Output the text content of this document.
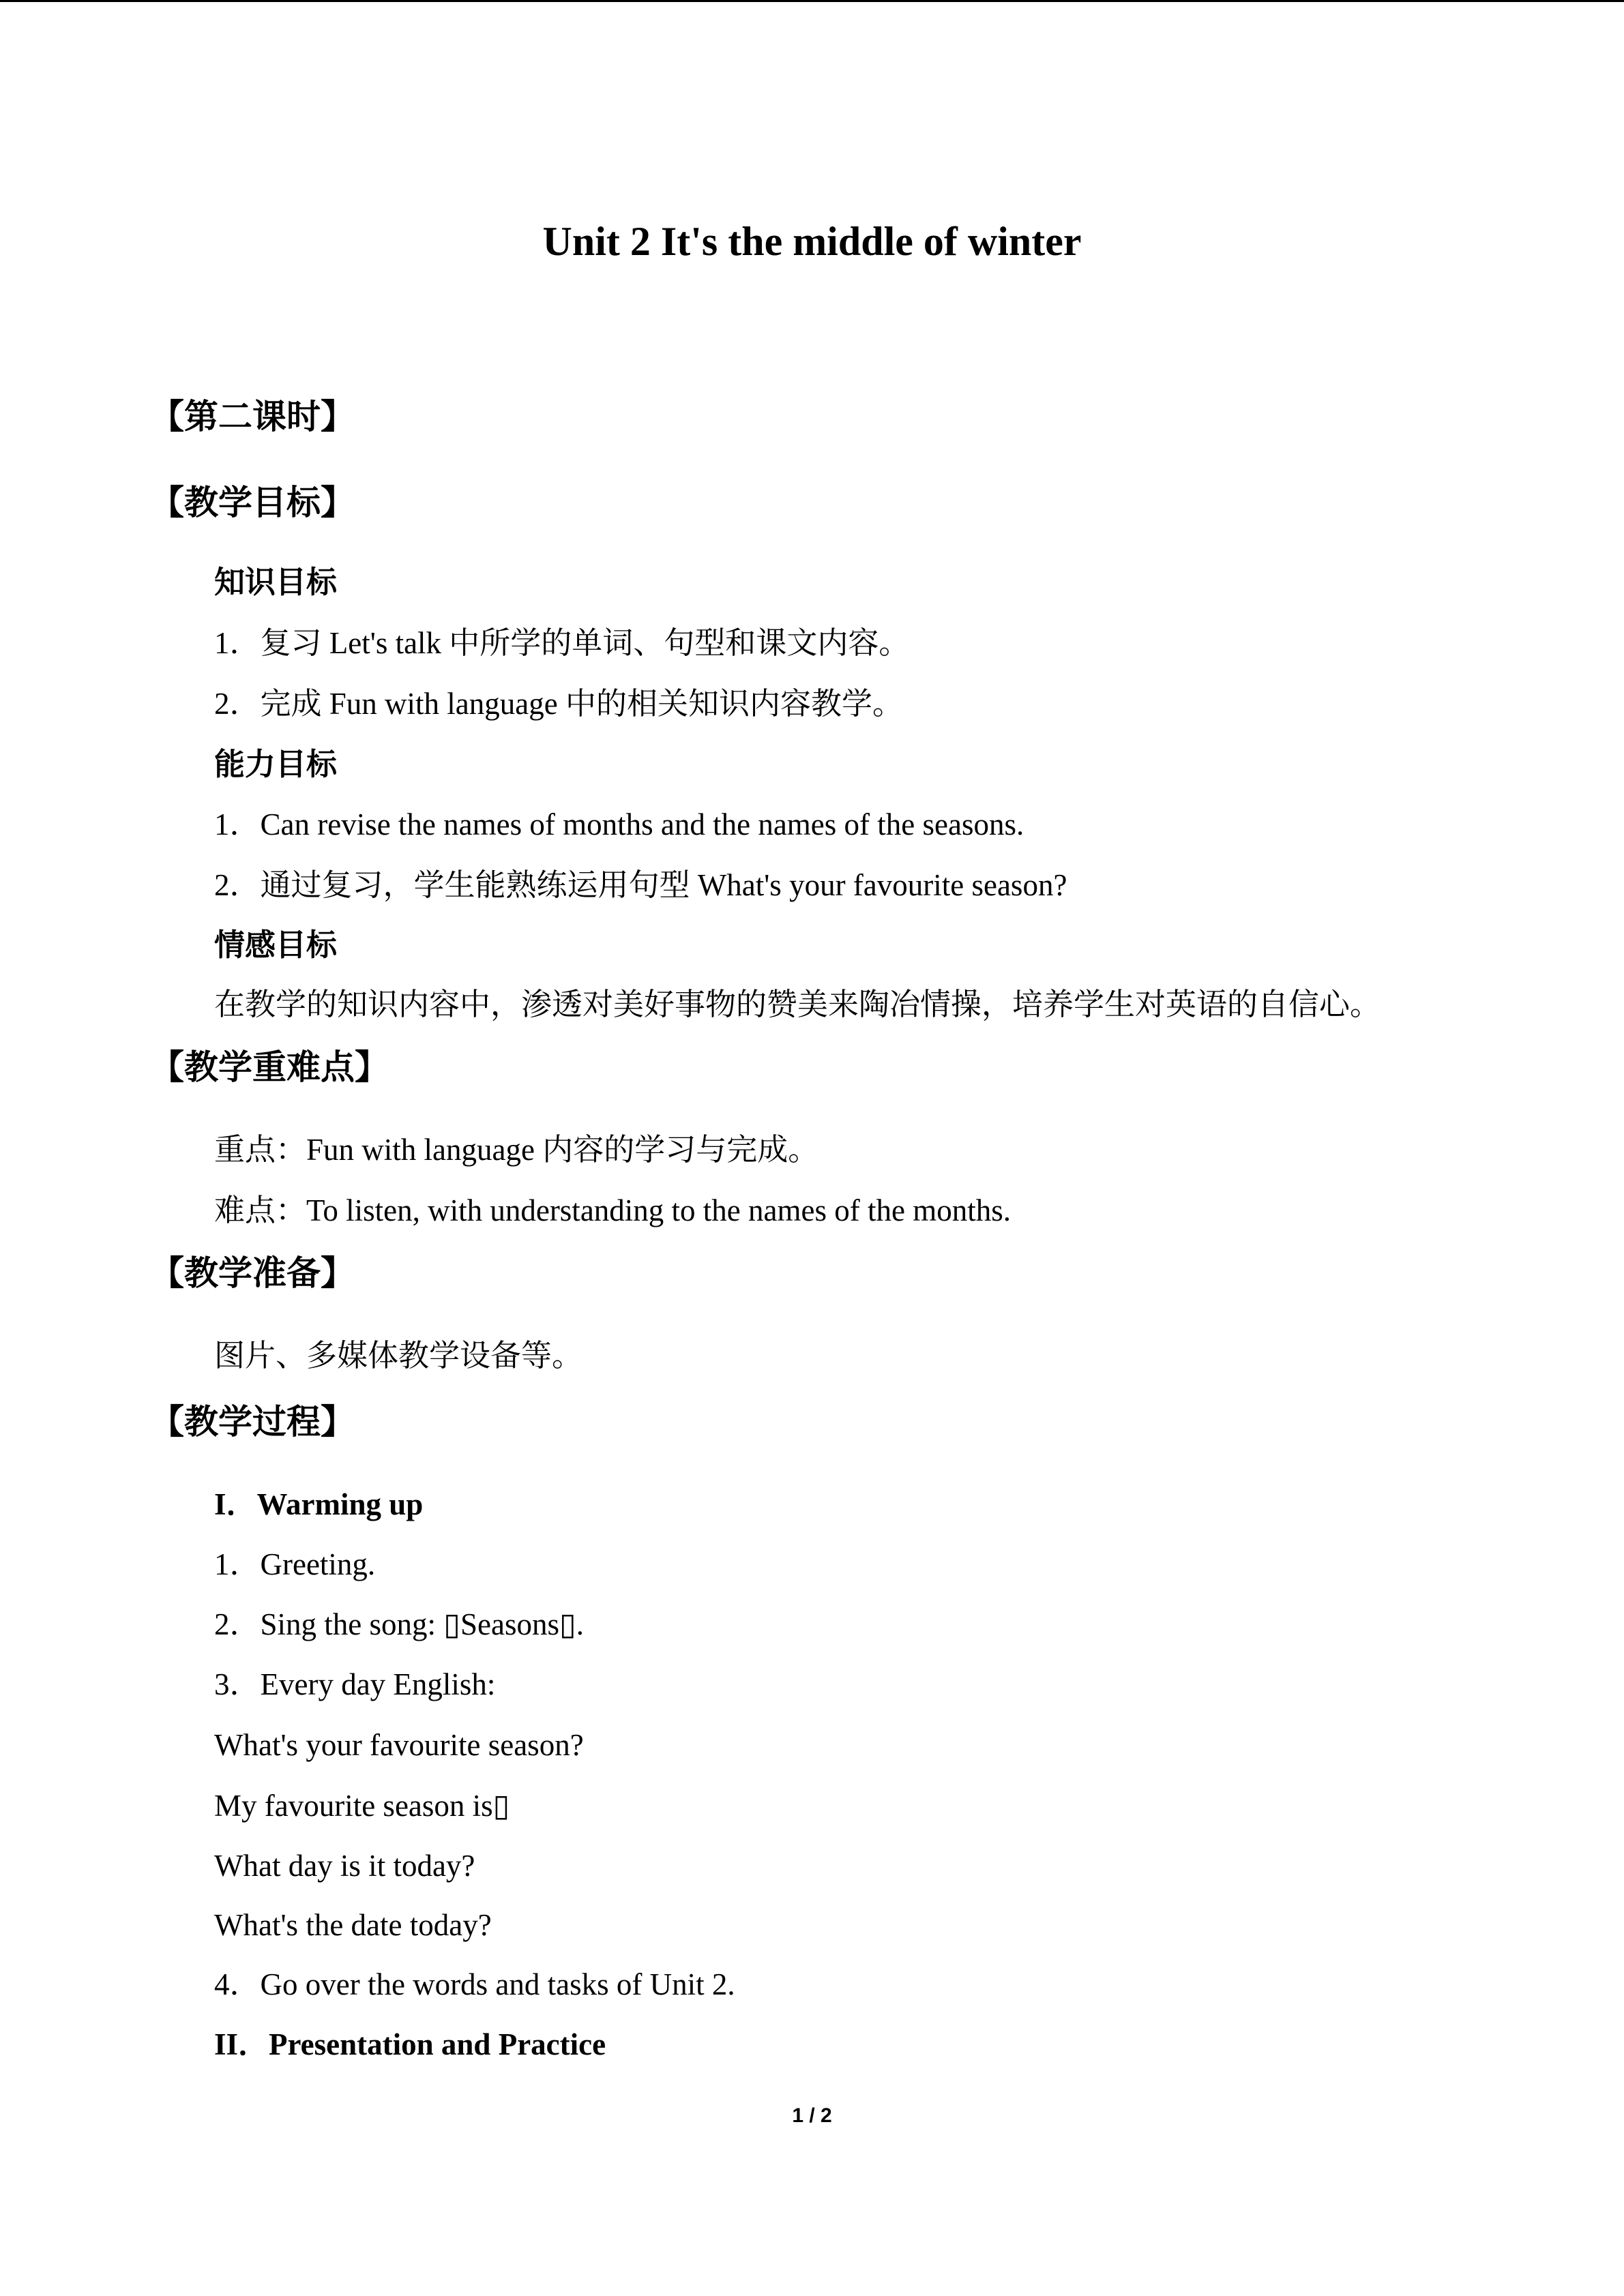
Unit 2 It's the middle of winter
【第二课时】
【教学目标】
知识目标
1．复习 Let's talk 中所学的单词、句型和课文内容。
2．完成 Fun with language 中的相关知识内容教学。
能力目标
1．Can revise the names of months and the names of the seasons.
2．通过复习，学生能熟练运用句型 What's your favourite season?
情感目标
在教学的知识内容中，渗透对美好事物的赞美来陶冶情操，培养学生对英语的自信心。
【教学重难点】
重点：Fun with language 内容的学习与完成。
难点：To listen, with understanding to the names of the months.
【教学准备】
图片、多媒体教学设备等。
【教学过程】
I．Warming up
1．Greeting.
2．Sing the song: ▯Seasons▯.
3．Every day English:
What's your favourite season?
My favourite season is▯
What day is it today?
What's the date today?
4．Go over the words and tasks of Unit 2.
II．Presentation and Practice
1 / 2
